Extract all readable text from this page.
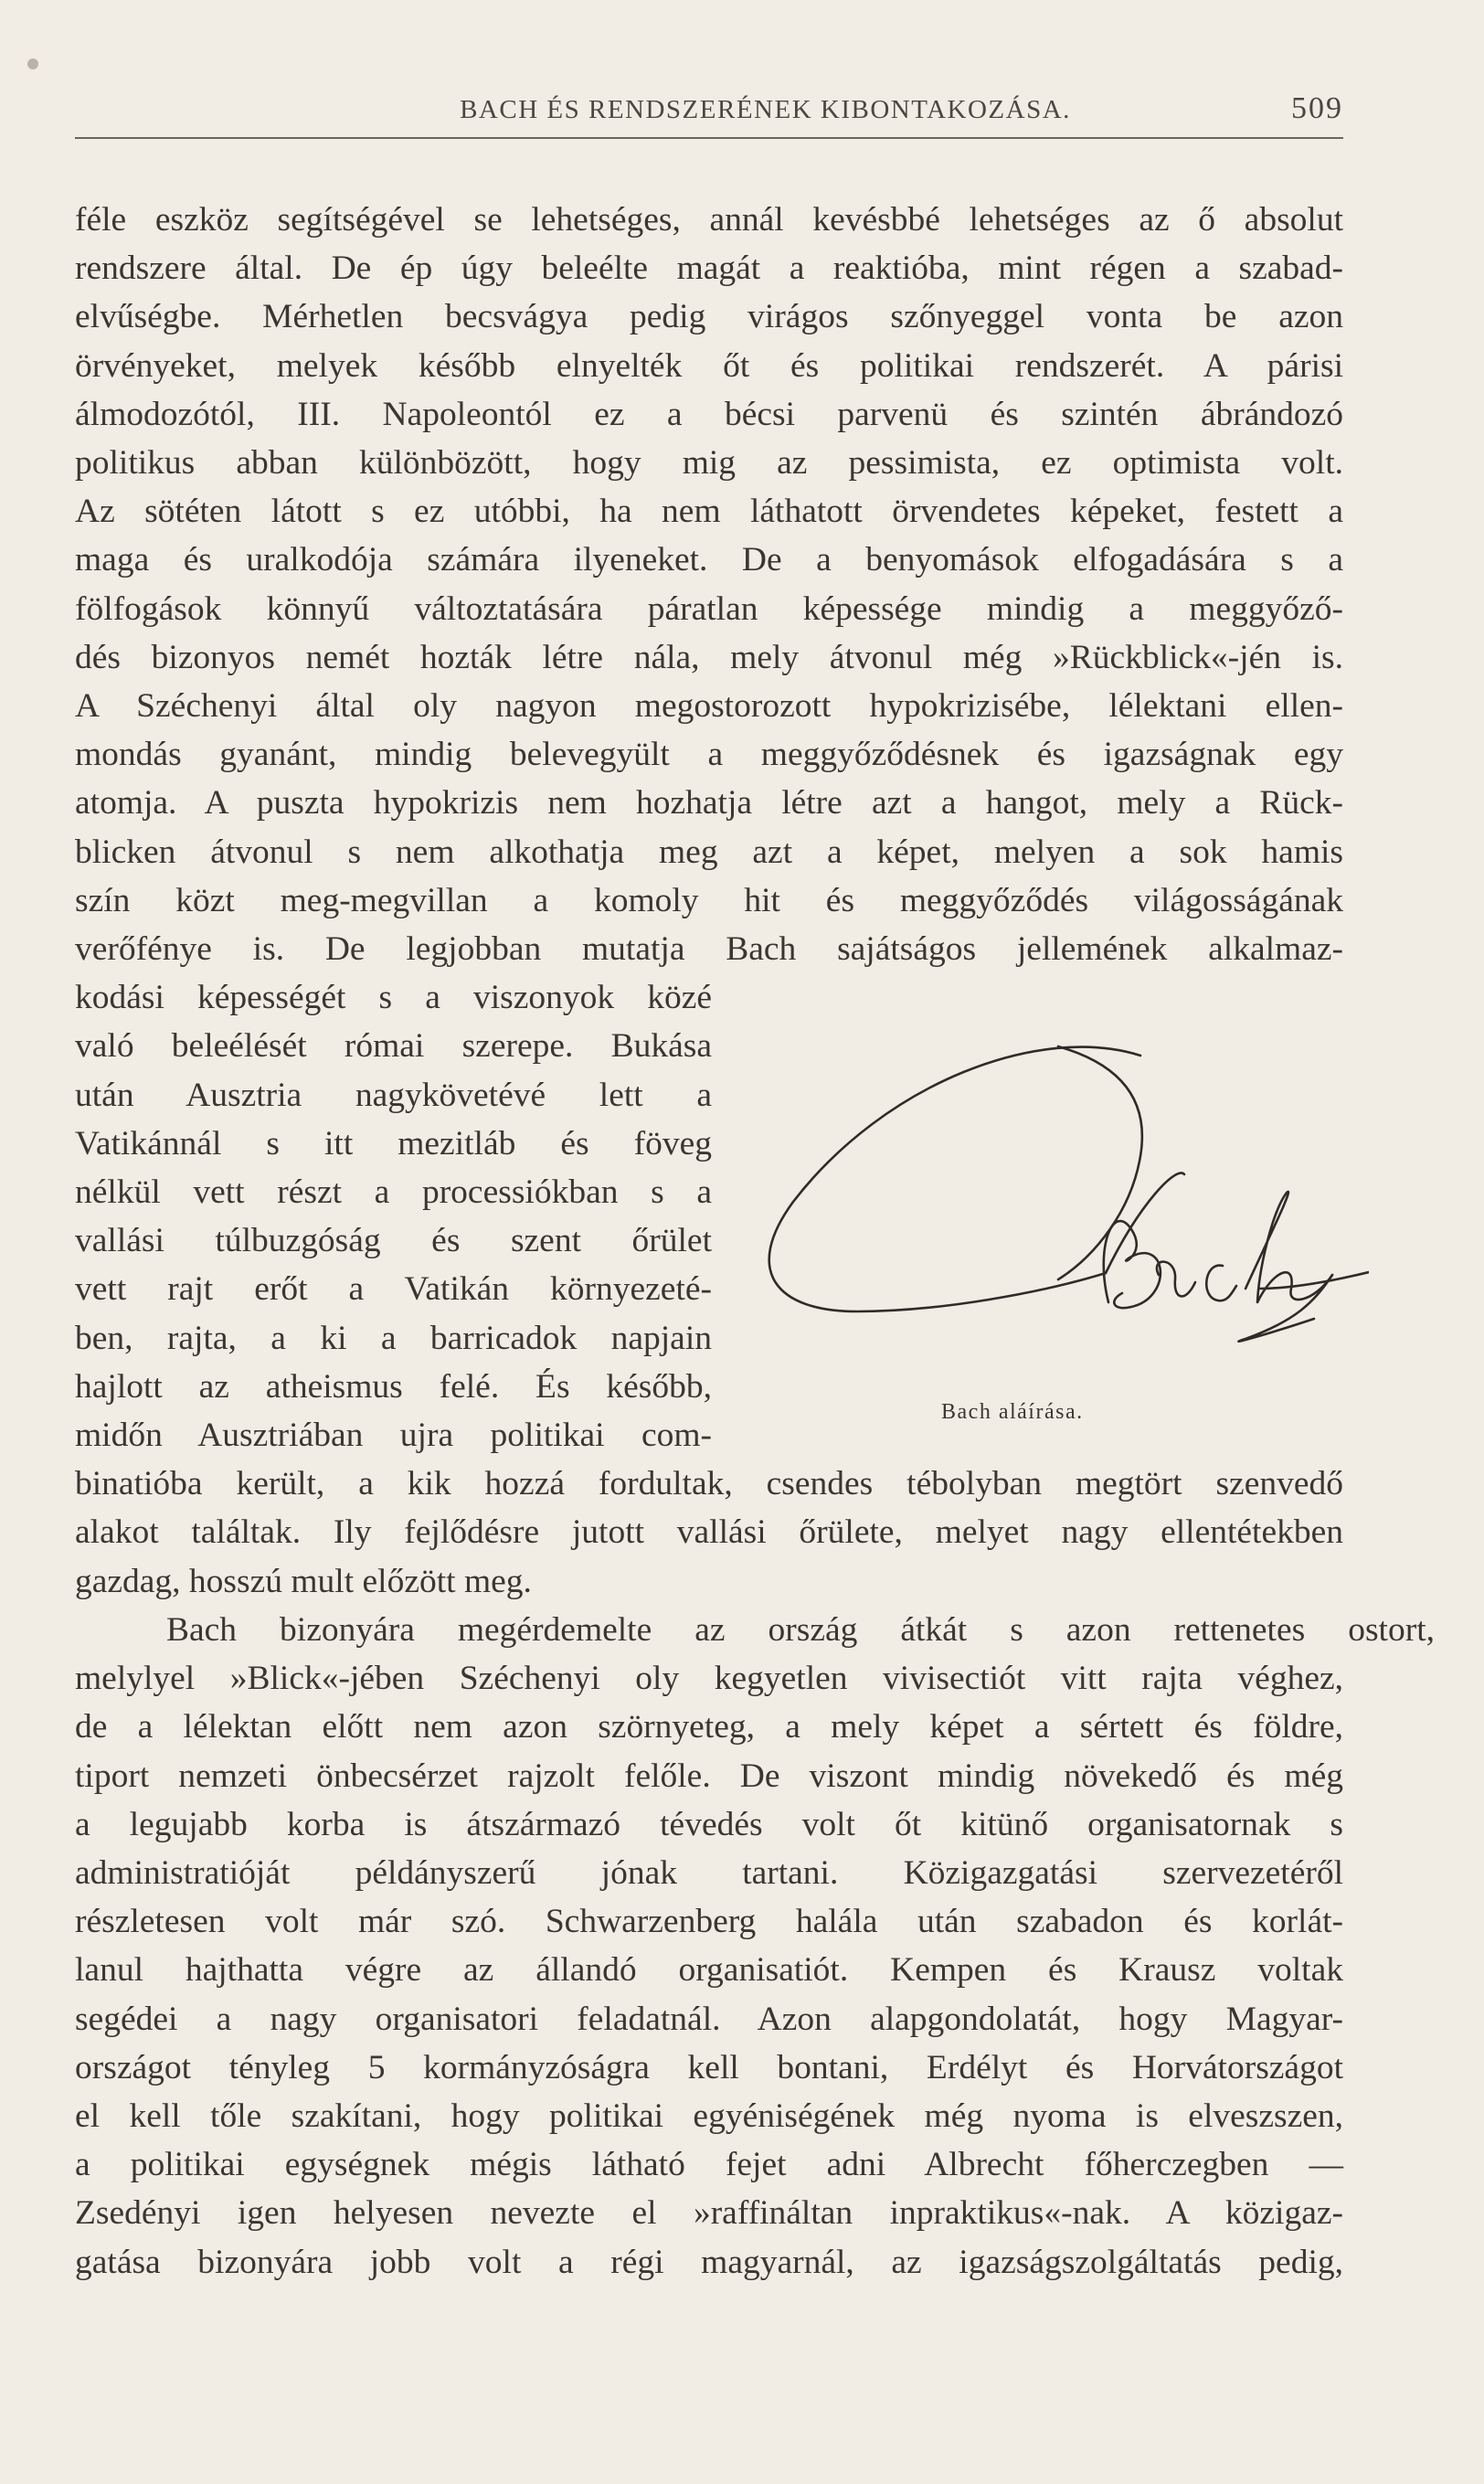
BACH ÉS RENDSZERÉNEK KIBONTAKOZÁSA.	509
féle eszköz segítségével se lehetséges, annál kevésbbé lehetséges az ő absolut
rendszere által. De ép úgy beleélte magát a reaktióba, mint régen a szabad-
elvűségbe. Mérhetlen becsvágya pedig virágos szőnyeggel vonta be azon
örvényeket, melyek később elnyelték őt és politikai rendszerét. A párisi
álmodozótól, III. Napoleontól ez a bécsi parvenü és szintén ábrándozó
politikus abban különbözött, hogy mig az pessimista, ez optimista volt.
Az sötéten látott s ez utóbbi, ha nem láthatott örvendetes képeket, festett a
maga és uralkodója számára ilyeneket. De a benyomások elfogadására s a
fölfogások könnyű változtatására páratlan képessége mindig a meggyőző-
dés bizonyos nemét hozták létre nála, mely átvonul még »Rückblick«-jén is.
A Széchenyi által oly nagyon megostorozott hypokrizisébe, lélektani ellen-
mondás gyanánt, mindig belevegyült a meggyőződésnek és igazságnak egy
atomja. A puszta hypokrizis nem hozhatja létre azt a hangot, mely a Rück-
blicken átvonul s nem alkothatja meg azt a képet, melyen a sok hamis
szín közt meg-megvillan a komoly hit és meggyőződés világosságának
verőfénye is. De legjobban mutatja Bach sajátságos jellemének alkalmaz-
kodási képességét s a viszonyok közé
való beleélését római szerepe. Bukása
után Ausztria nagykövetévé lett a
Vatikánnál s itt mezitláb és föveg
nélkül vett részt a processiókban s a
vallási túlbuzgóság és szent őrület
vett rajt erőt a Vatikán környezeté-
ben, rajta, a ki a barricadok napjain
hajlott az atheismus felé. És később,
midőn Ausztriában ujra politikai com-
binatióba került, a kik hozzá fordultak, csendes tébolyban megtört szenvedő
alakot találtak. Ily fejlődésre jutott vallási őrülete, melyet nagy ellentétekben
gazdag, hosszú mult előzött meg.
Bach bizonyára megérdemelte az ország átkát s azon rettenetes ostort,
melylyel »Blick«-jében Széchenyi oly kegyetlen vivisectiót vitt rajta véghez,
de a lélektan előtt nem azon szörnyeteg, a mely képet a sértett és földre,
tiport nemzeti önbecsérzet rajzolt felőle. De viszont mindig növekedő és még
a legujabb korba is átszármazó tévedés volt őt kitünő organisatornak s
administratióját példányszerű jónak tartani. Közigazgatási szervezetéről
részletesen volt már szó. Schwarzenberg halála után szabadon és korlát-
lanul hajthatta végre az állandó organisatiót. Kempen és Krausz voltak
segédei a nagy organisatori feladatnál. Azon alapgondolatát, hogy Magyar-
országot tényleg 5 kormányzóságra kell bontani, Erdélyt és Horvátországot
el kell tőle szakítani, hogy politikai egyéniségének még nyoma is elveszszen,
a politikai egységnek mégis látható fejet adni Albrecht főherczegben —
Zsedényi igen helyesen nevezte el »raffináltan inpraktikus«-nak. A közigaz-
gatása bizonyára jobb volt a régi magyarnál, az igazságszolgáltatás pedig,
Bach aláírása.
